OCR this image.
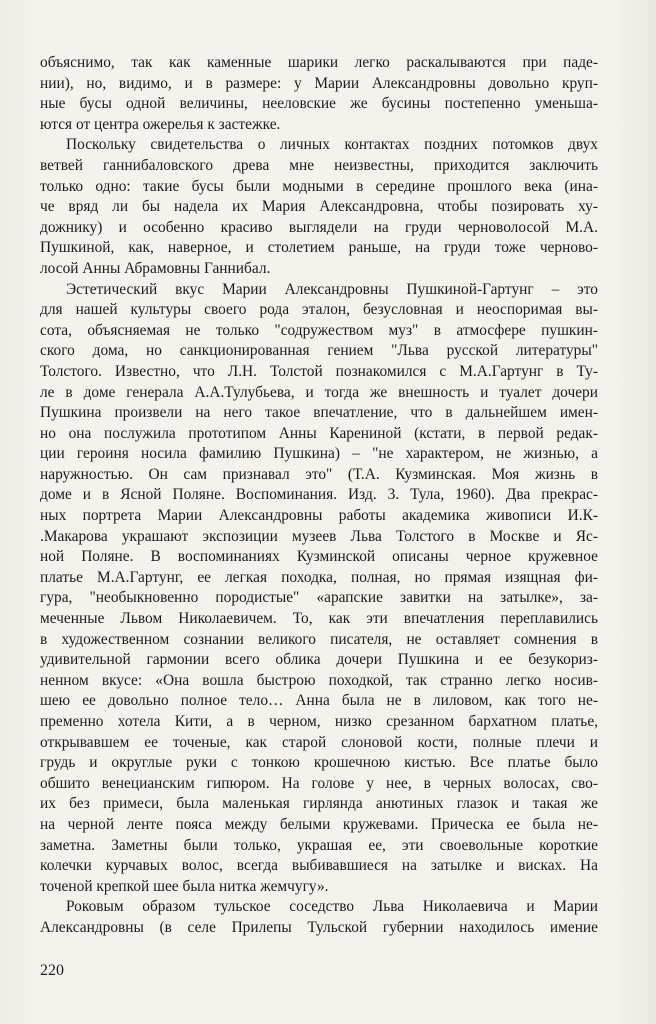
объяснимо, так как каменные шарики легко раскалываются при паде-
нии), но, видимо, и в размере: у Марии Александровны довольно круп-
ные бусы одной величины, нееловские же бусины постепенно уменьша-
ются от центра ожерелья к застежке.
Поскольку свидетельства о личных контактах поздних потомков двух
ветвей ганнибаловского древа мне неизвестны, приходится заключить
только одно: такие бусы были модными в середине прошлого века (ина-
че вряд ли бы надела их Мария Александровна, чтобы позировать ху-
дожнику) и особенно красиво выглядели на груди черноволосой М.А.
Пушкиной, как, наверное, и столетием раньше, на груди тоже черново-
лосой Анны Абрамовны Ганнибал.
Эстетический вкус Марии Александровны Пушкиной-Гартунг – это
для нашей культуры своего рода эталон, безусловная и неоспоримая вы-
сота, объясняемая не только "содружеством муз" в атмосфере пушкин-
ского дома, но санкционированная гением "Льва русской литературы"
Толстого. Известно, что Л.Н. Толстой познакомился с М.А.Гартунг в Ту-
ле в доме генерала А.А.Тулубьева, и тогда же внешность и туалет дочери
Пушкина произвели на него такое впечатление, что в дальнейшем имен-
но она послужила прототипом Анны Карениной (кстати, в первой редак-
ции героиня носила фамилию Пушкина) – "не характером, не жизнью, а
наружностью. Он сам признавал это" (Т.А. Кузминская. Моя жизнь в
доме и в Ясной Поляне. Воспоминания. Изд. 3. Тула, 1960). Два прекрас-
ных портрета Марии Александровны работы академика живописи И.К-
.Макарова украшают экспозиции музеев Льва Толстого в Москве и Яс-
ной Поляне. В воспоминаниях Кузминской описаны черное кружевное
платье М.А.Гартунг, ее легкая походка, полная, но прямая изящная фи-
гура, "необыкновенно породистые" «арапские завитки на затылке», за-
меченные Львом Николаевичем. То, как эти впечатления переплавились
в художественном сознании великого писателя, не оставляет сомнения в
удивительной гармонии всего облика дочери Пушкина и ее безукориз-
ненном вкусе: «Она вошла быстрою походкой, так странно легко носив-
шею ее довольно полное тело… Анна была не в лиловом, как того не-
пременно хотела Кити, а в черном, низко срезанном бархатном платье,
открывавшем ее точеные, как старой слоновой кости, полные плечи и
грудь и округлые руки с тонкою крошечною кистью. Все платье было
обшито венецианским гипюром. На голове у нее, в черных волосах, сво-
их без примеси, была маленькая гирлянда анютиных глазок и такая же
на черной ленте пояса между белыми кружевами. Прическа ее была не-
заметна. Заметны были только, украшая ее, эти своевольные короткие
колечки курчавых волос, всегда выбивавшиеся на затылке и висках. На
точеной крепкой шее была нитка жемчугу».
Роковым образом тульское соседство Льва Николаевича и Марии
Александровны (в селе Прилепы Тульской губернии находилось имение
220
